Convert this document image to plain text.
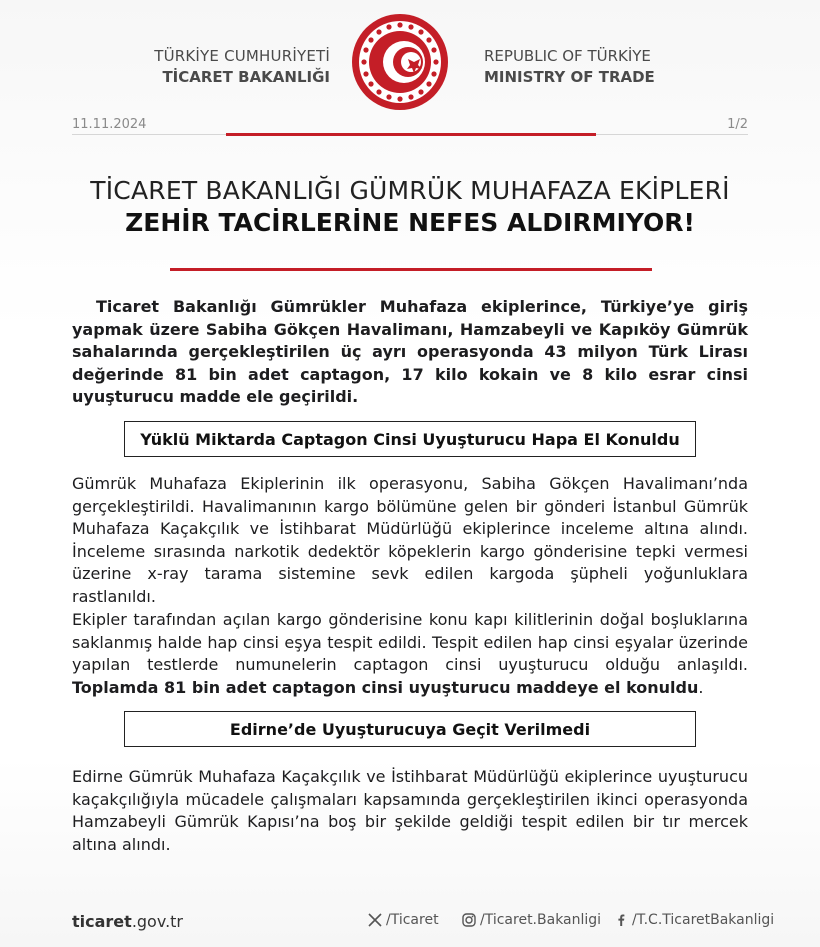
TÜRKİYE CUMHURİYETİ
TİCARET BAKANLIĞI
REPUBLIC OF TÜRKİYE
MINISTRY OF TRADE
11.11.2024	1/2
TİCARET BAKANLIĞI GÜMRÜK MUHAFAZA EKİPLERİ
ZEHİR TACİRLERİNE NEFES ALDIRMIYOR!

Ticaret Bakanlığı Gümrükler Muhafaza ekiplerince, Türkiye’ye giriş yapmak üzere Sabiha Gökçen Havalimanı, Hamzabeyli ve Kapıköy Gümrük sahalarında gerçekleştirilen üç ayrı operasyonda 43 milyon Türk Lirası değerinde 81 bin adet captagon, 17 kilo kokain ve 8 kilo esrar cinsi uyuşturucu madde ele geçirildi.

Yüklü Miktarda Captagon Cinsi Uyuşturucu Hapa El Konuldu

Gümrük Muhafaza Ekiplerinin ilk operasyonu, Sabiha Gökçen Havalimanı’nda gerçekleştirildi. Havalimanının kargo bölümüne gelen bir gönderi İstanbul Gümrük Muhafaza Kaçakçılık ve İstihbarat Müdürlüğü ekiplerince inceleme altına alındı. İnceleme sırasında narkotik dedektör köpeklerin kargo gönderisine tepki vermesi üzerine x-ray tarama sistemine sevk edilen kargoda şüpheli yoğunluklara rastlanıldı.

Ekipler tarafından açılan kargo gönderisine konu kapı kilitlerinin doğal boşluklarına saklanmış halde hap cinsi eşya tespit edildi. Tespit edilen hap cinsi eşyalar üzerinde yapılan testlerde numunelerin captagon cinsi uyuşturucu olduğu anlaşıldı. Toplamda 81 bin adet captagon cinsi uyuşturucu maddeye el konuldu.

Edirne’de Uyuşturucuya Geçit Verilmedi

Edirne Gümrük Muhafaza Kaçakçılık ve İstihbarat Müdürlüğü ekiplerince uyuşturucu kaçakçılığıyla mücadele çalışmaları kapsamında gerçekleştirilen ikinci operasyonda Hamzabeyli Gümrük Kapısı’na boş bir şekilde geldiği tespit edilen bir tır mercek altına alındı.

ticaret.gov.tr	/Ticaret	/Ticaret.Bakanligi /T.C.TicaretBakanligi
